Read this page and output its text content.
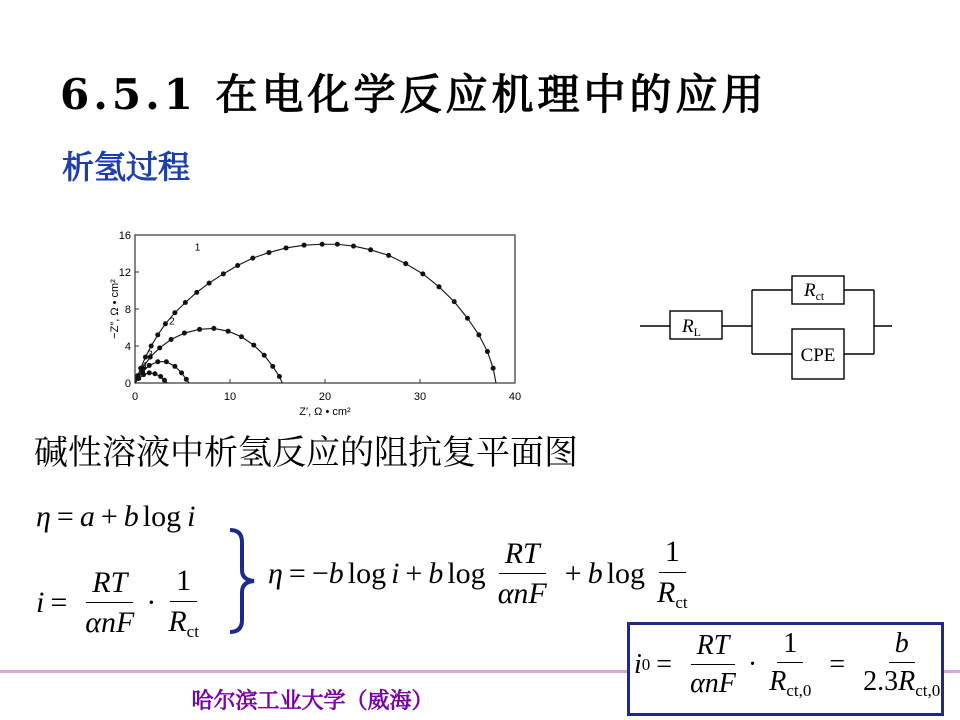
6.5.1 在电化学反应机理中的应用
析氢过程
0	10	20	30	40
0
4
8
12
16
1
2
3
4
Z′, Ω • cm²
−Z″, Ω • cm²	$R_L$
$R_{ct}$
CPE
碱性溶液中析氢反应的阻抗复平面图
η = a + b log i
$i = \frac{RT}{\text{αnF}} \cdot \frac{1}{R_{ct}}$ η = − b log i + b $\log \frac{RT}{\text{αnF}} + b$ $\log \frac{1}{R_{ct}}$
哈尔滨工业大学（威海）
i $0 = \frac{RT}{\text{αnF}} \cdot \frac{1}{R_{ct,0}} = \frac{b}{2.3R_{ct,0}}$
